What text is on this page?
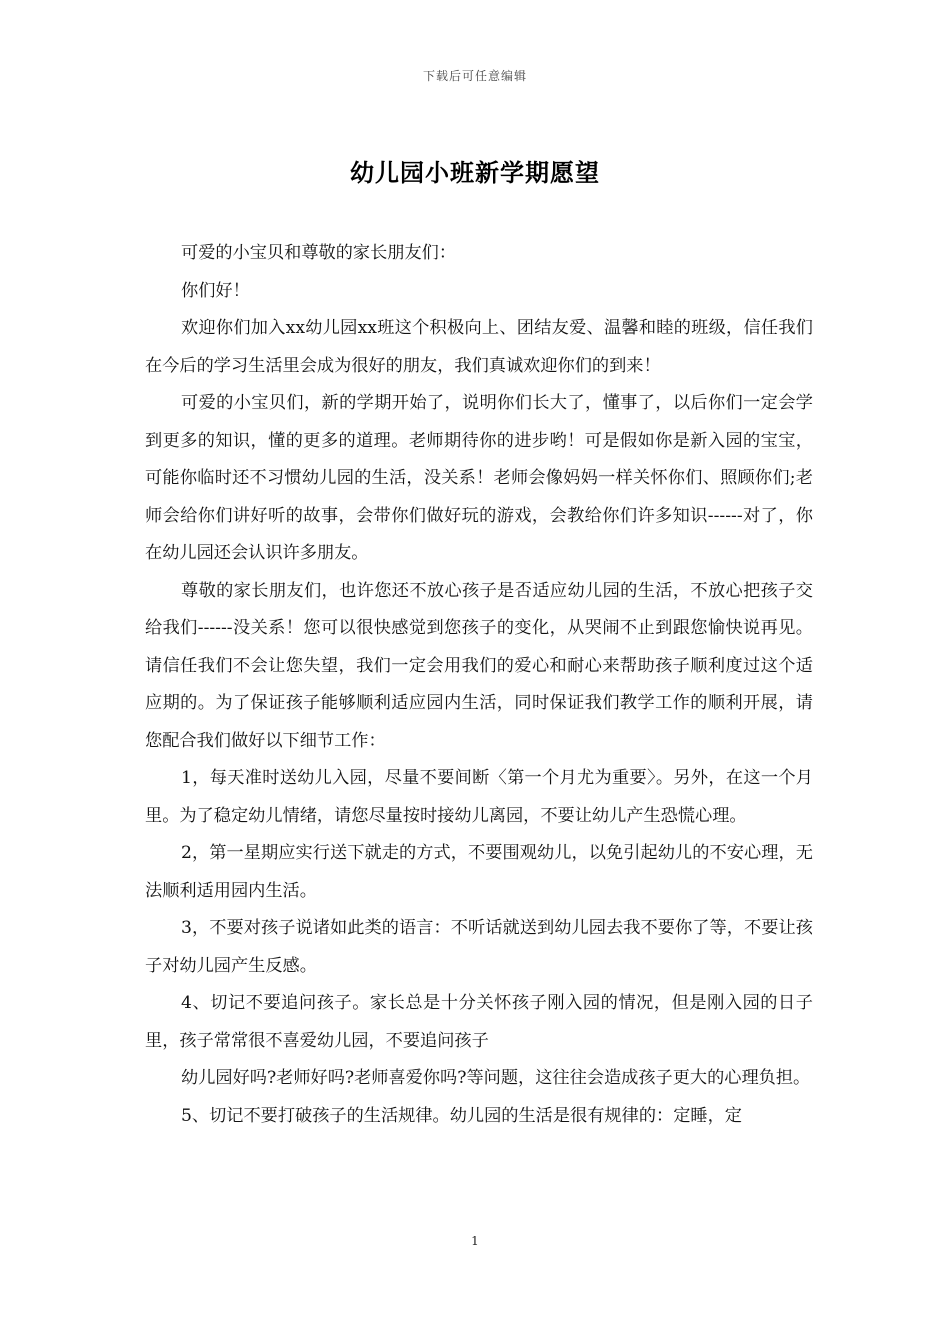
下载后可任意编辑
幼儿园小班新学期愿望

可爱的小宝贝和尊敬的家长朋友们：

你们好！

欢迎你们加入xx幼儿园xx班这个积极向上、团结友爱、温馨和睦的班级，信任我们在今后的学习生活里会成为很好的朋友，我们真诚欢迎你们的到来！

可爱的小宝贝们，新的学期开始了，说明你们长大了，懂事了，以后你们一定会学到更多的知识，懂的更多的道理。老师期待你的进步哟！可是假如你是新入园的宝宝，可能你临时还不习惯幼儿园的生活，没关系！老师会像妈妈一样关怀你们、照顾你们;老师会给你们讲好听的故事，会带你们做好玩的游戏，会教给你们许多知识------对了，你在幼儿园还会认识许多朋友。

尊敬的家长朋友们，也许您还不放心孩子是否适应幼儿园的生活，不放心把孩子交给我们------没关系！您可以很快感觉到您孩子的变化，从哭闹不止到跟您愉快说再见。请信任我们不会让您失望，我们一定会用我们的爱心和耐心来帮助孩子顺利度过这个适应期的。为了保证孩子能够顺利适应园内生活，同时保证我们教学工作的顺利开展，请您配合我们做好以下细节工作：

1，每天准时送幼儿入园，尽量不要间断〈第一个月尤为重要〉。另外，在这一个月里。为了稳定幼儿情绪，请您尽量按时接幼儿离园，不要让幼儿产生恐慌心理。

2，第一星期应实行送下就走的方式，不要围观幼儿，以免引起幼儿的不安心理，无法顺利适用园内生活。

3，不要对孩子说诸如此类的语言：不听话就送到幼儿园去我不要你了等，不要让孩子对幼儿园产生反感。

4、切记不要追问孩子。家长总是十分关怀孩子刚入园的情况，但是刚入园的日子里，孩子常常很不喜爱幼儿园，不要追问孩子

幼儿园好吗?老师好吗?老师喜爱你吗?等问题，这往往会造成孩子更大的心理负担。

5、切记不要打破孩子的生活规律。幼儿园的生活是很有规律的：定睡，定

1
